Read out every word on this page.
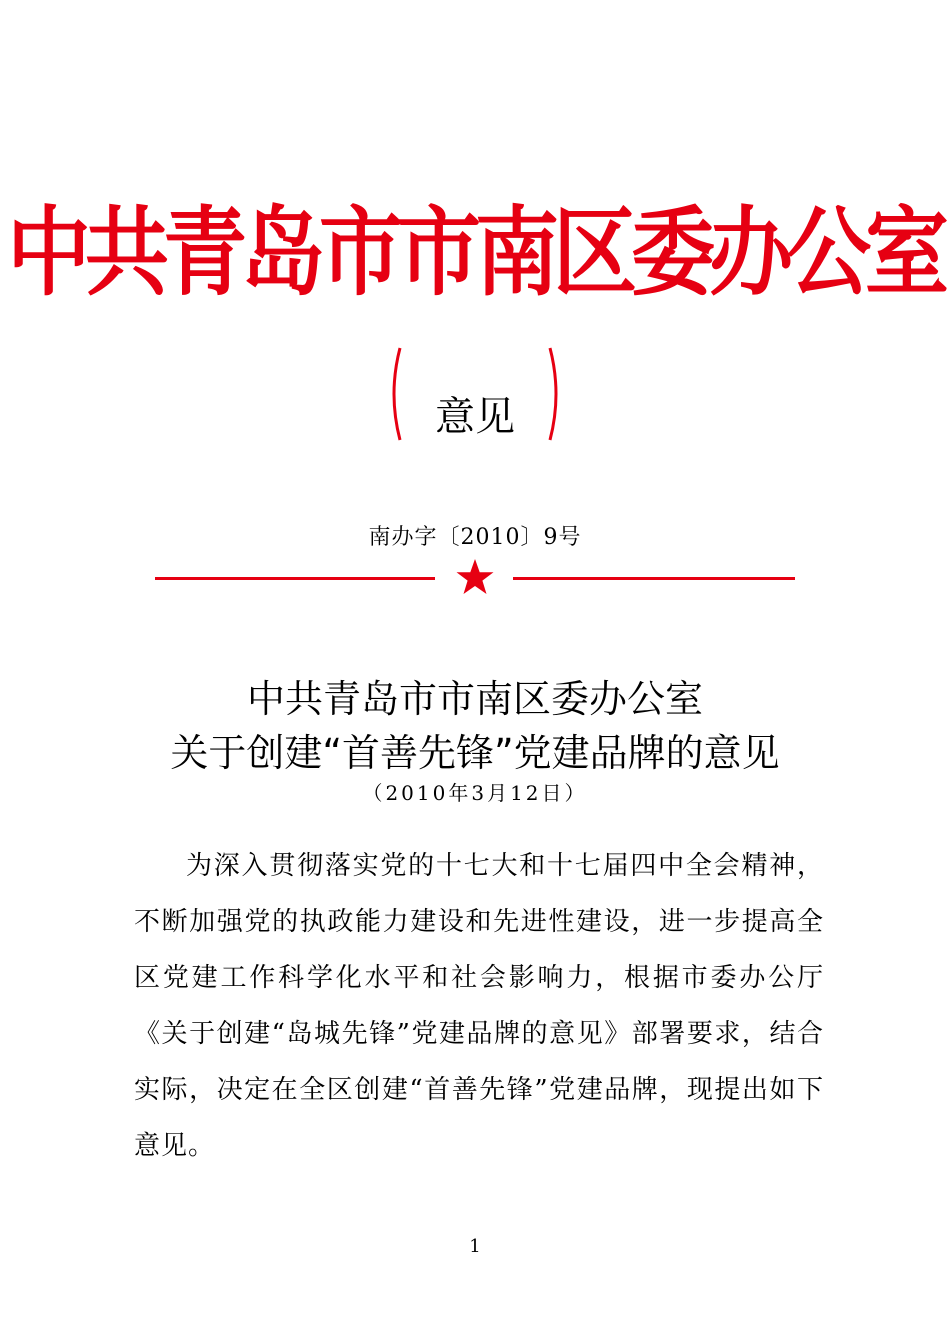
中共青岛市市南区委办公室
意见
南办字〔2010〕9号
中共青岛市市南区委办公室
关于创建“首善先锋”党建品牌的意见
（2010年3月12日）
为深入贯彻落实党的十七大和十七届四中全会精神，不断加强党的执政能力建设和先进性建设，进一步提高全区党建工作科学化水平和社会影响力，根据市委办公厅《关于创建“岛城先锋”党建品牌的意见》部署要求，结合实际，决定在全区创建“首善先锋”党建品牌，现提出如下意见。
1
